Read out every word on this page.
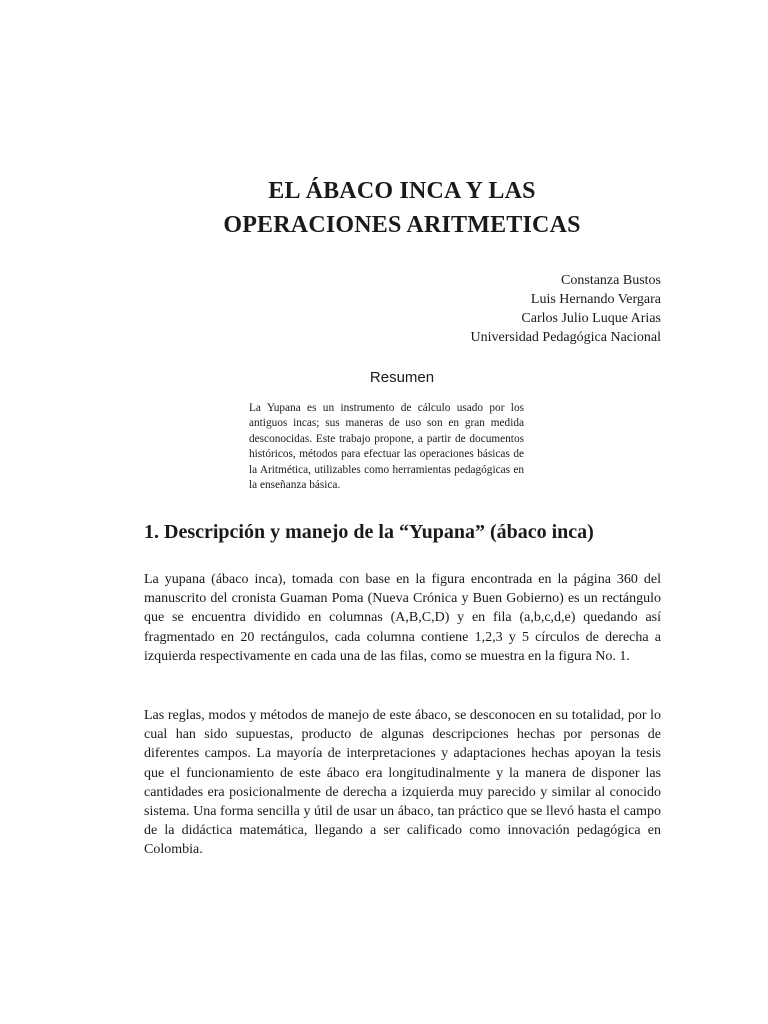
EL ÁBACO INCA Y LAS
OPERACIONES ARITMETICAS
Constanza Bustos
Luis Hernando Vergara
Carlos Julio Luque Arias
Universidad Pedagógica Nacional
Resumen
La Yupana es un instrumento de cálculo usado por los antiguos incas; sus maneras de uso son en gran medida desconocidas. Este trabajo propone, a partir de documentos históricos, métodos para efectuar las operaciones básicas de la Aritmética, utilizables como herramientas pedagógicas en la enseñanza básica.
1. Descripción y manejo de la “Yupana” (ábaco inca)

La yupana (ábaco inca), tomada con base en la figura encontrada en la página 360 del manuscrito del cronista Guaman Poma (Nueva Crónica y Buen Gobierno) es un rectángulo que se encuentra dividido en columnas (A,B,C,D) y en fila (a,b,c,d,e) quedando así fragmentado en 20 rectángulos, cada columna contiene 1,2,3 y 5 círculos de derecha a izquierda respectivamente en cada una de las filas, como se muestra en la figura No. 1.

Las reglas, modos y métodos de manejo de este ábaco, se desconocen en su totalidad, por lo cual han sido supuestas, producto de algunas descripciones hechas por personas de diferentes campos. La mayoría de interpretaciones y adaptaciones hechas apoyan la tesis que el funcionamiento de este ábaco era longitudinalmente y la manera de disponer las cantidades era posicionalmente de derecha a izquierda muy parecido y similar al conocido sistema. Una forma sencilla y útil de usar un ábaco, tan práctico que se llevó hasta el campo de la didáctica matemática, llegando a ser calificado como innovación pedagógica en Colombia.
